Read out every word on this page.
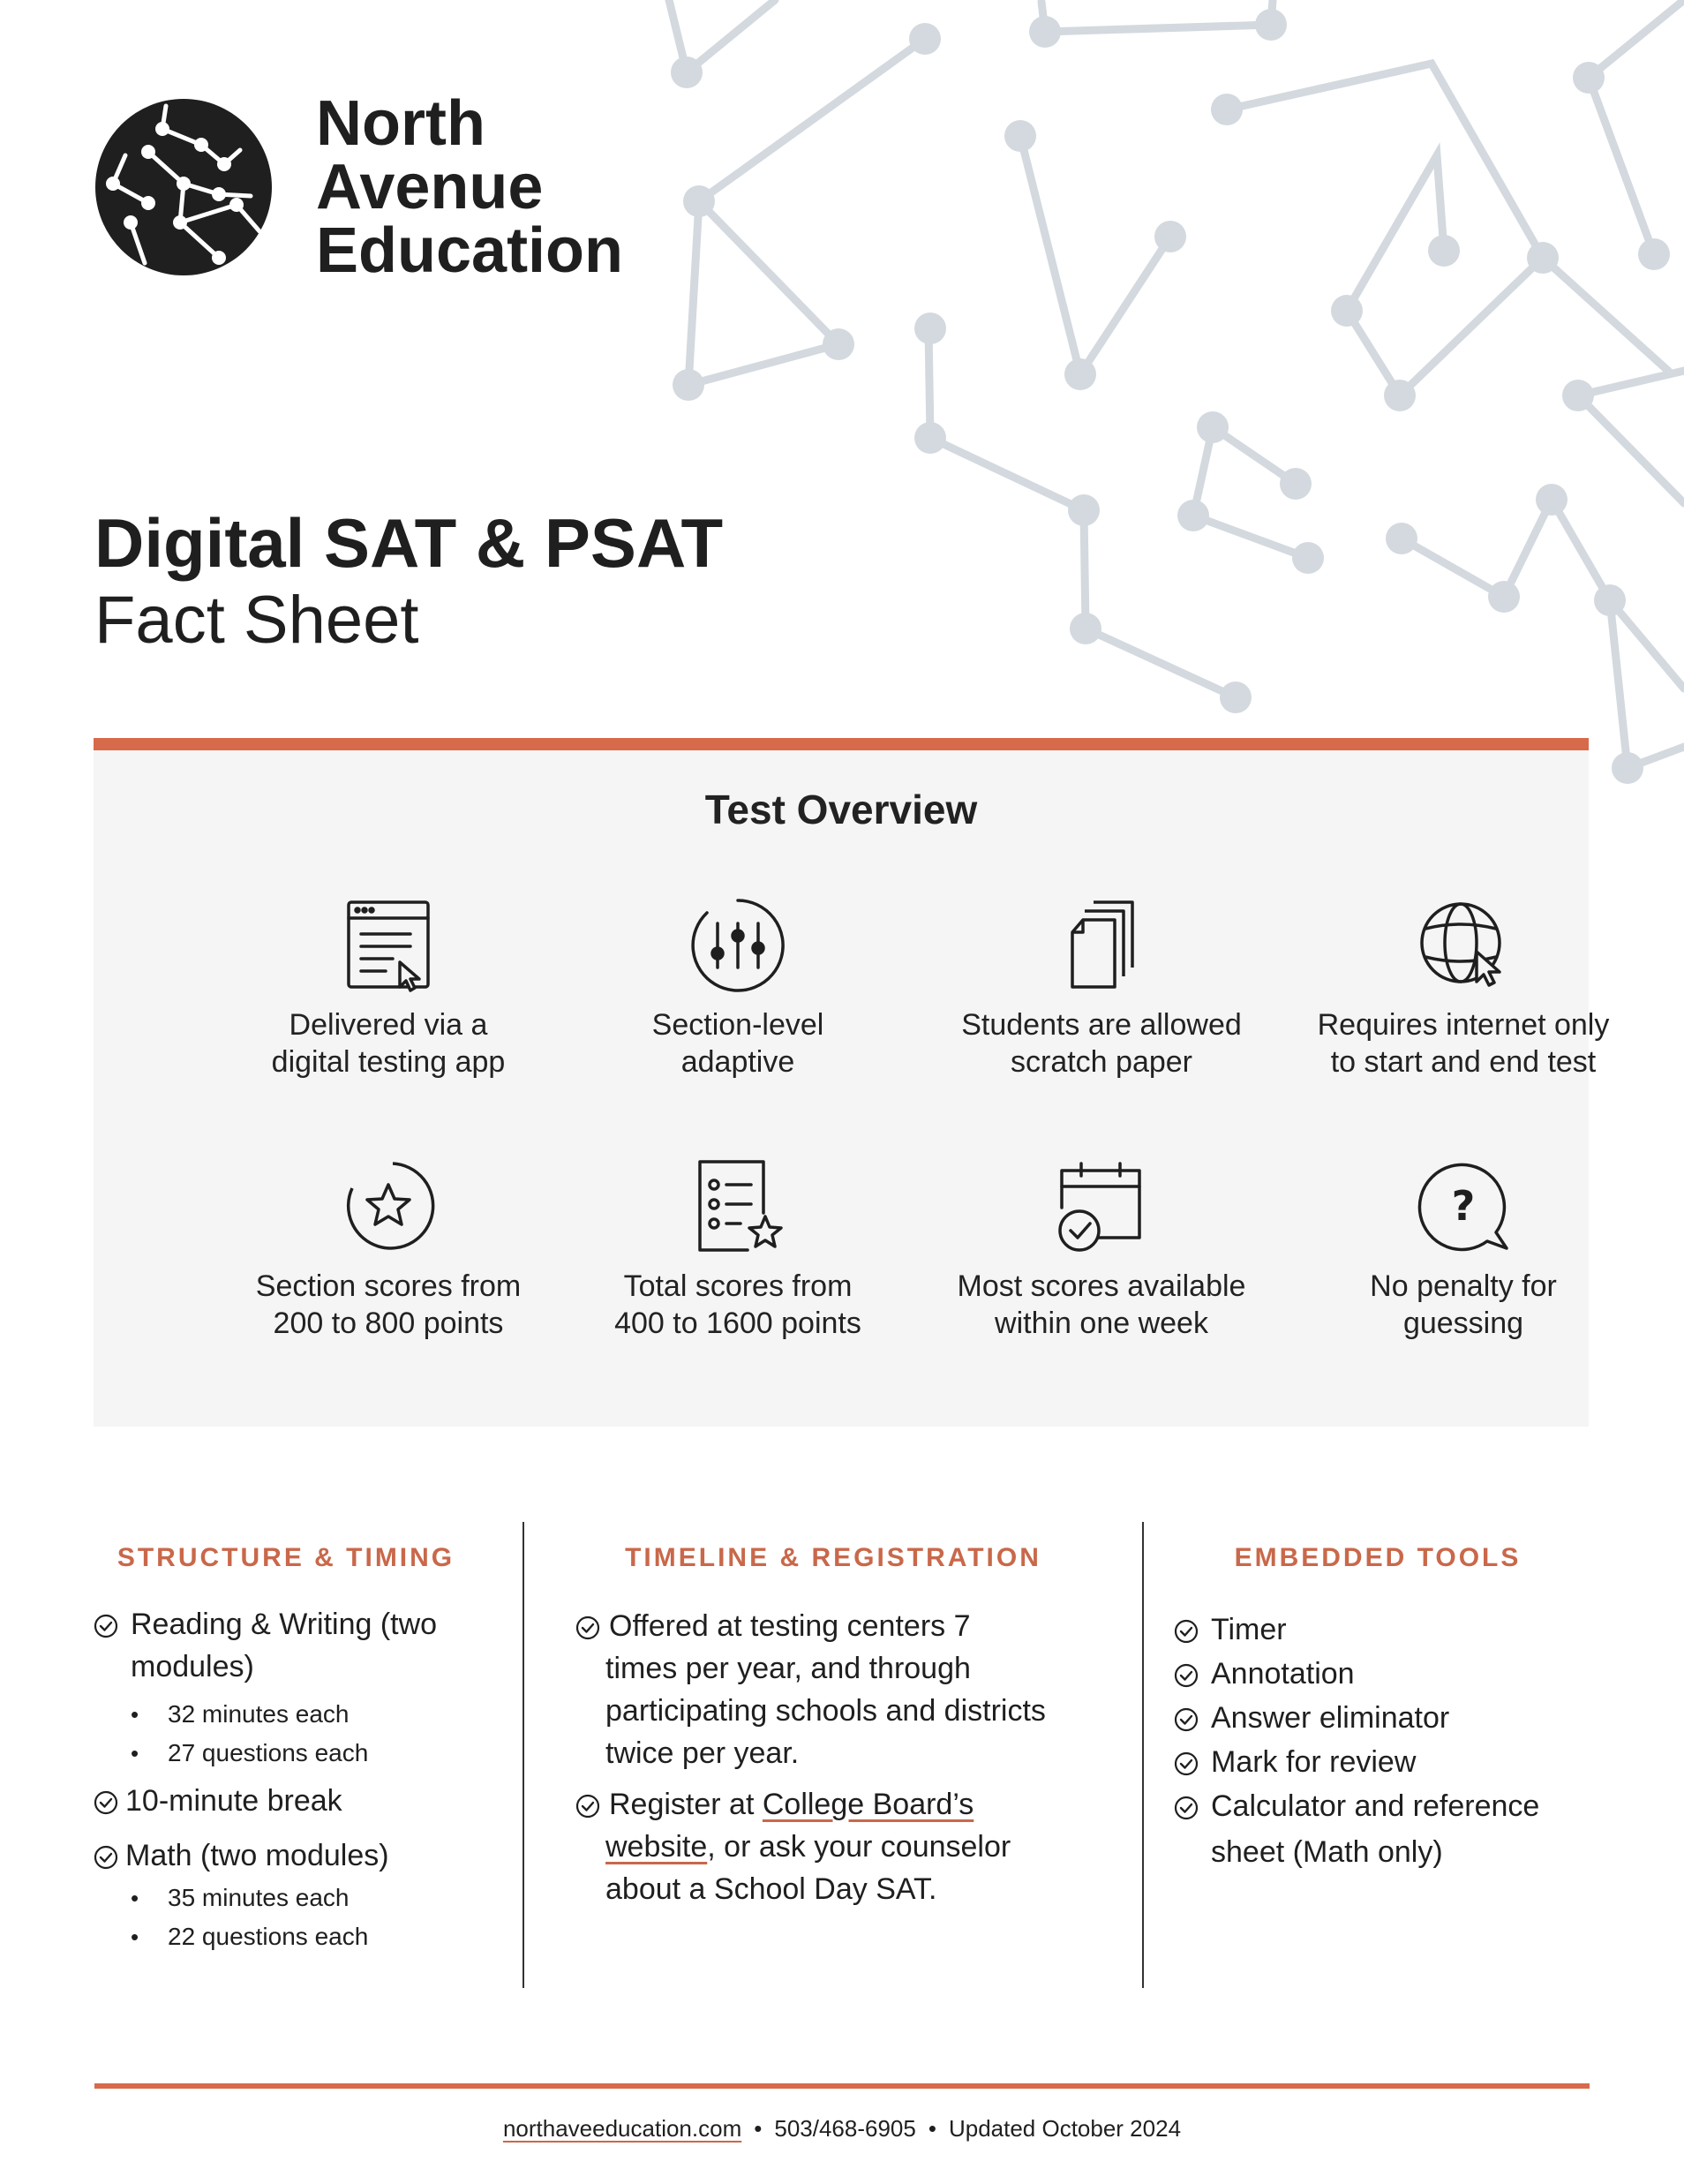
North
Avenue
Education
Digital SAT & PSAT
Fact Sheet
Test Overview
Delivered via a
digital testing app
Section-level
adaptive
Students are allowed
scratch paper
Requires internet only
to start and end test
Section scores from
200 to 800 points
Total scores from
400 to 1600 points
Most scores available
within one week
?
No penalty for
guessing
STRUCTURE & TIMING	TIMELINE & REGISTRATION	EMBEDDED TOOLS
Reading & Writing (two
modules)
• 32 minutes each
• 27 questions each
10-minute break
Math (two modules)
• 35 minutes each
• 22 questions each
Offered at testing centers 7
times per year, and through
participating schools and districts
twice per year.
Register at College Board’s
website, or ask your counselor
about a School Day SAT.
Timer
Annotation
Answer eliminator
Mark for review
Calculator and reference
sheet (Math only)
northaveeducation.com • 503/468-6905 • Updated October 2024
